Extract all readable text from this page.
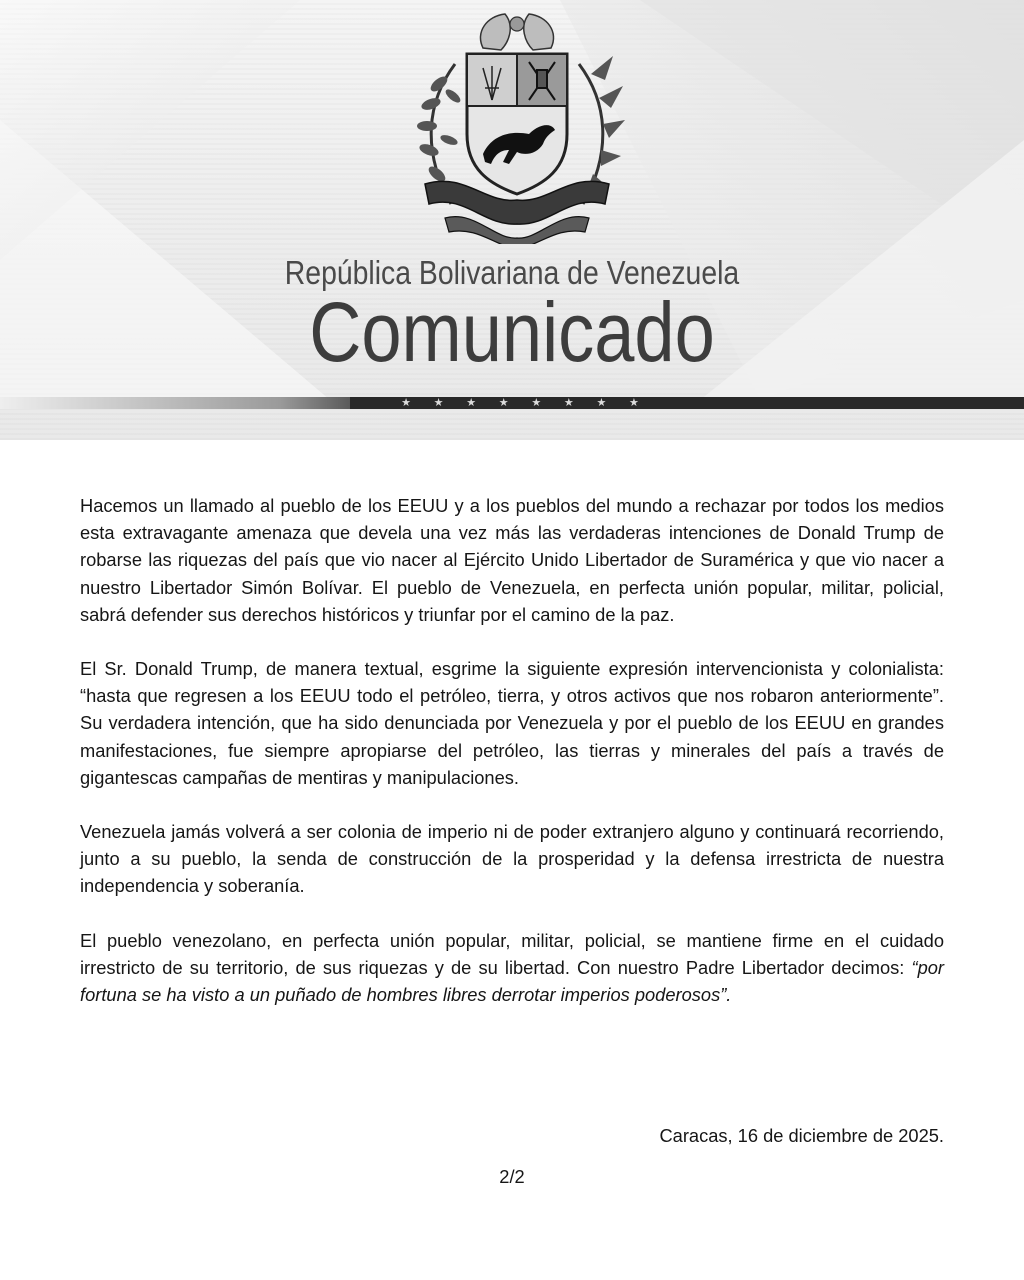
República Bolivariana de Venezuela
Comunicado
★ ★ ★ ★ ★ ★ ★ ★

Hacemos un llamado al pueblo de los EEUU y a los pueblos del mundo a rechazar por todos los medios esta extravagante amenaza que devela una vez más las verdaderas intenciones de Donald Trump de robarse las riquezas del país que vio nacer al Ejército Unido Libertador de Suramérica y que vio nacer a nuestro Libertador Simón Bolívar. El pueblo de Venezuela, en perfecta unión popular, militar, policial, sabrá defender sus derechos históricos y triunfar por el camino de la paz.

El Sr. Donald Trump, de manera textual, esgrime la siguiente expresión intervencionista y colonialista: “hasta que regresen a los EEUU todo el petróleo, tierra, y otros activos que nos robaron anteriormente”. Su verdadera intención, que ha sido denunciada por Venezuela y por el pueblo de los EEUU en grandes manifestaciones, fue siempre apropiarse del petróleo, las tierras y minerales del país a través de gigantescas campañas de mentiras y manipulaciones.

Venezuela jamás volverá a ser colonia de imperio ni de poder extranjero alguno y continuará recorriendo, junto a su pueblo, la senda de construcción de la prosperidad y la defensa irrestricta de nuestra independencia y soberanía.

El pueblo venezolano, en perfecta unión popular, militar, policial, se mantiene firme en el cuidado irrestricto de su territorio, de sus riquezas y de su libertad. Con nuestro Padre Libertador decimos: “por fortuna se ha visto a un puñado de hombres libres derrotar imperios poderosos”.

Caracas, 16 de diciembre de 2025.
2/2
